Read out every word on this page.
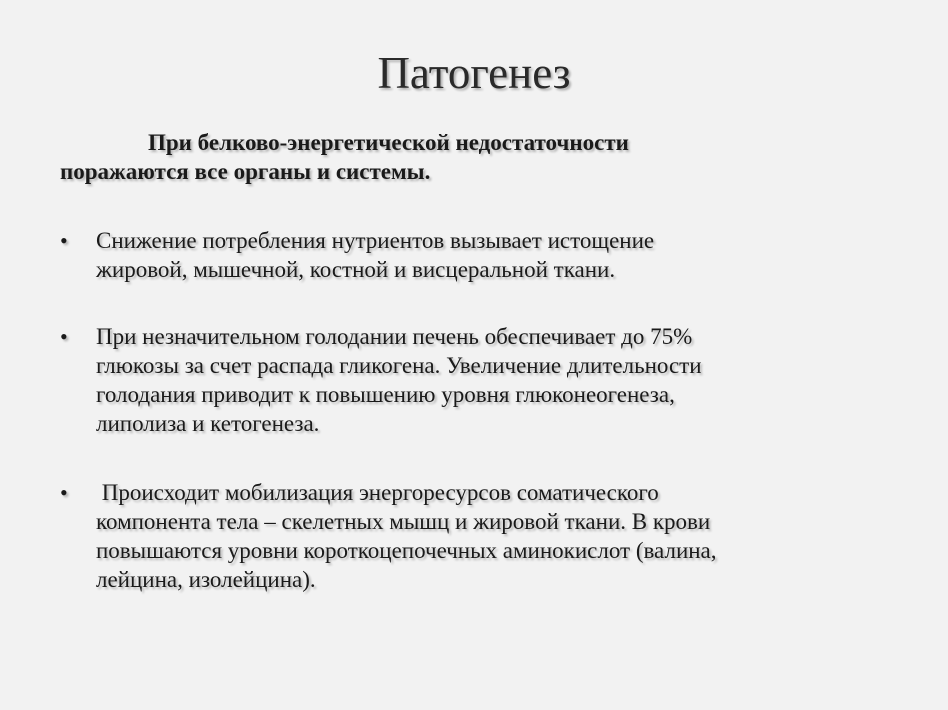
Патогенез
При белково-энергетической недостаточности
поражаются все органы и системы.
•	Снижение потребления нутриентов вызывает истощение
жировой, мышечной, костной и висцеральной ткани.
•	При незначительном голодании печень обеспечивает до 75%
глюкозы за счет распада гликогена. Увеличение длительности
голодания приводит к повышению уровня глюконеогенеза,
липолиза и кетогенеза.
•	Происходит мобилизация энергоресурсов соматического
компонента тела – скелетных мышц и жировой ткани. В крови
повышаются уровни короткоцепочечных аминокислот (валина,
лейцина, изолейцина).
